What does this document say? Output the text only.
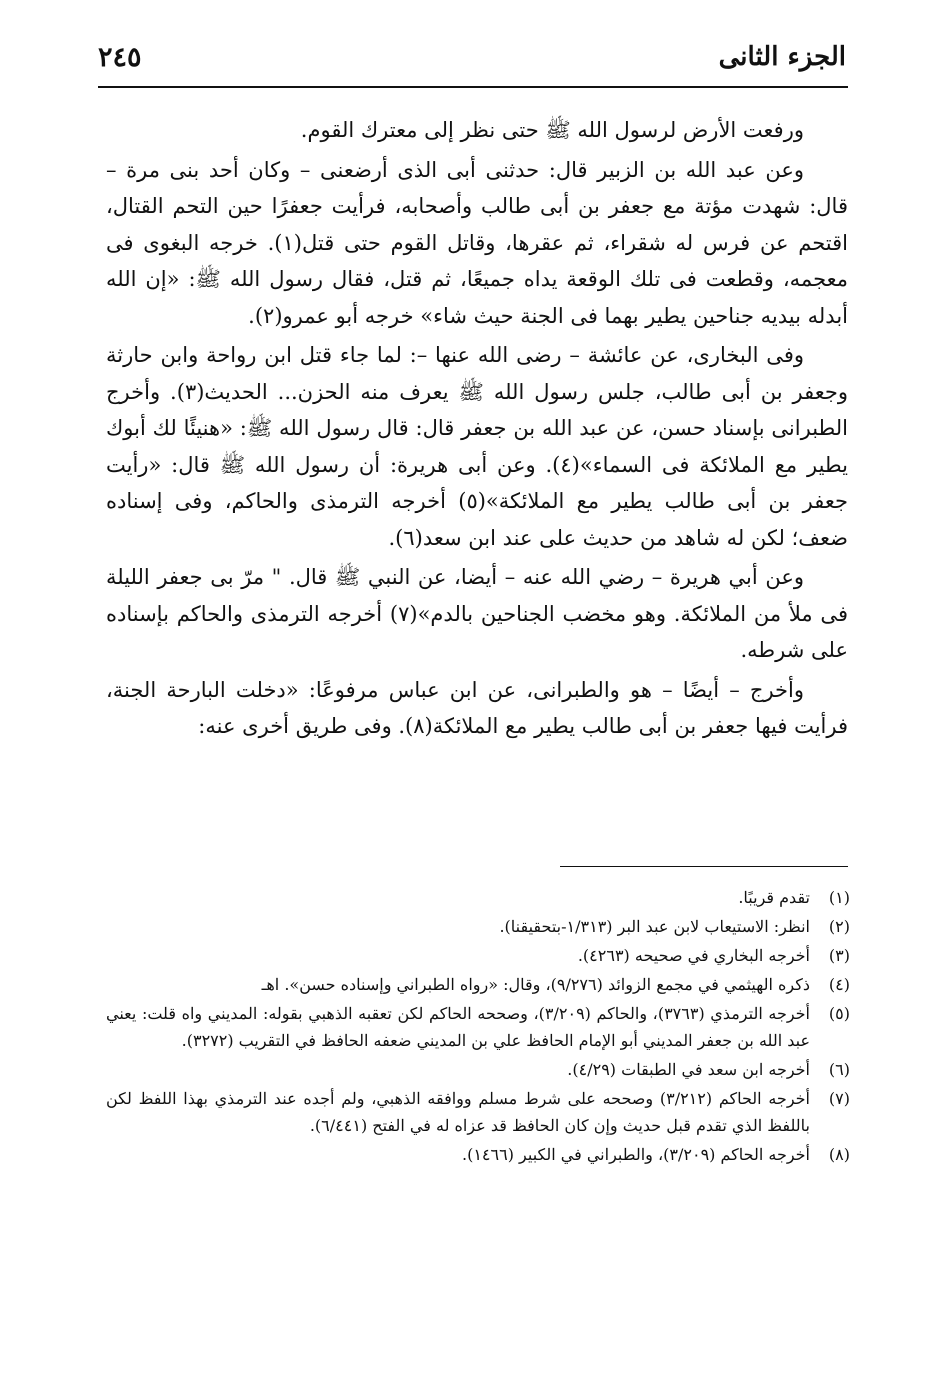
الجزء الثانى
٢٤٥

ورفعت الأرض لرسول الله ﷺ حتى نظر إلى معترك القوم.

وعن عبد الله بن الزبير قال: حدثنى أبى الذى أرضعنى – وكان أحد بنى مرة – قال: شهدت مؤتة مع جعفر بن أبى طالب وأصحابه، فرأيت جعفرًا حين التحم القتال، اقتحم عن فرس له شقراء، ثم عقرها، وقاتل القوم حتى قتل(١). خرجه البغوى فى معجمه، وقطعت فى تلك الوقعة يداه جميعًا، ثم قتل، فقال رسول الله ﷺ: «إن الله أبدله بيديه جناحين يطير بهما فى الجنة حيث شاء» خرجه أبو عمرو(٢).

وفى البخارى، عن عائشة – رضى الله عنها –: لما جاء قتل ابن رواحة وابن حارثة وجعفر بن أبى طالب، جلس رسول الله ﷺ يعرف منه الحزن... الحديث(٣). وأخرج الطبرانى بإسناد حسن، عن عبد الله بن جعفر قال: قال رسول الله ﷺ: «هنيئًا لك أبوك يطير مع الملائكة فى السماء»(٤). وعن أبى هريرة: أن رسول الله ﷺ قال: «رأيت جعفر بن أبى طالب يطير مع الملائكة»(٥) أخرجه الترمذى والحاكم، وفى إسناده ضعف؛ لكن له شاهد من حديث على عند ابن سعد(٦).

وعن أبي هريرة – رضي الله عنه – أيضا، عن النبي ﷺ قال. " مرّ بى جعفر الليلة فى ملأ من الملائكة. وهو مخضب الجناحين بالدم»(٧) أخرجه الترمذى والحاكم بإسناده على شرطه.

وأخرج – أيضًا – هو والطبرانى، عن ابن عباس مرفوعًا: «دخلت البارحة الجنة، فرأيت فيها جعفر بن أبى طالب يطير مع الملائكة(٨). وفى طريق أخرى عنه:

(١)
تقدم قريبًا.
(٢)
انظر: الاستيعاب لابن عبد البر (١/٣١٣-بتحقيقنا).
(٣)
أخرجه البخاري في صحيحه (٤٢٦٣).
(٤)
ذكره الهيثمي في مجمع الزوائد (٩/٢٧٦)، وقال: «رواه الطبراني وإسناده حسن». اهـ
(٥)
أخرجه الترمذي (٣٧٦٣)، والحاكم (٣/٢٠٩)، وصححه الحاكم لكن تعقبه الذهبي بقوله: المديني واه قلت: يعني عبد الله بن جعفر المديني أبو الإمام الحافظ علي بن المديني ضعفه الحافظ في التقريب (٣٢٧٢).
(٦)
أخرجه ابن سعد في الطبقات (٤/٢٩).
(٧)
أخرجه الحاكم (٣/٢١٢) وصححه على شرط مسلم ووافقه الذهبي، ولم أجده عند الترمذي بهذا اللفظ لكن باللفظ الذي تقدم قبل حديث وإن كان الحافظ قد عزاه له في الفتح (٦/٤٤١).
(٨)
أخرجه الحاكم (٣/٢٠٩)، والطبراني في الكبير (١٤٦٦).
